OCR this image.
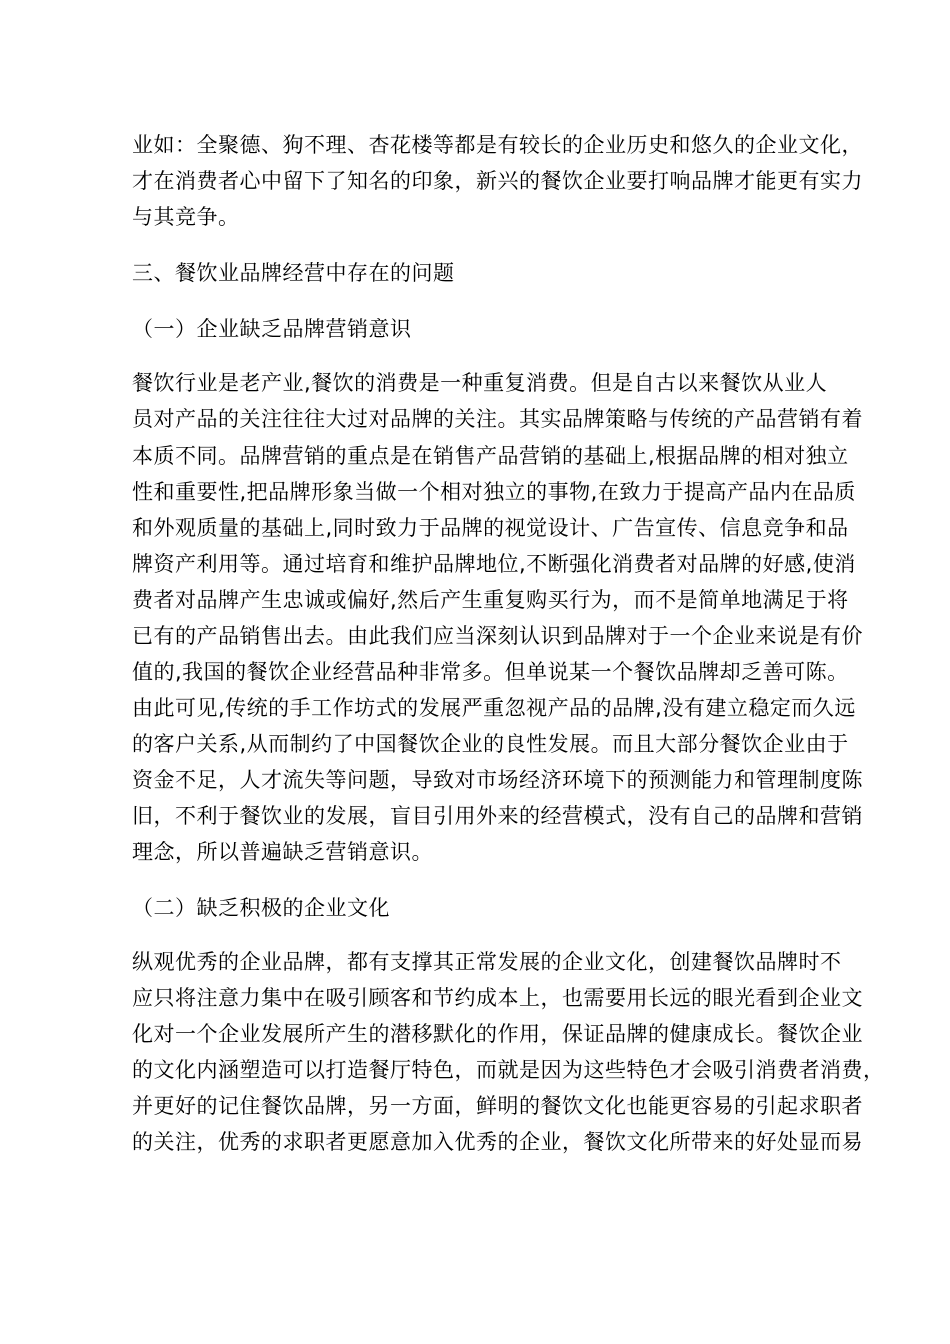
业如：全聚德、狗不理、杏花楼等都是有较长的企业历史和悠久的企业文化，
才在消费者心中留下了知名的印象，新兴的餐饮企业要打响品牌才能更有实力
与其竞争。
三、餐饮业品牌经营中存在的问题
（一）企业缺乏品牌营销意识
餐饮行业是老产业,餐饮的消费是一种重复消费。但是自古以来餐饮从业人
员对产品的关注往往大过对品牌的关注。其实品牌策略与传统的产品营销有着
本质不同。品牌营销的重点是在销售产品营销的基础上,根据品牌的相对独立
性和重要性,把品牌形象当做一个相对独立的事物,在致力于提高产品内在品质
和外观质量的基础上,同时致力于品牌的视觉设计、广告宣传、信息竞争和品
牌资产利用等。通过培育和维护品牌地位,不断强化消费者对品牌的好感,使消
费者对品牌产生忠诚或偏好,然后产生重复购买行为，而不是简单地满足于将
已有的产品销售出去。由此我们应当深刻认识到品牌对于一个企业来说是有价
值的,我国的餐饮企业经营品种非常多。但单说某一个餐饮品牌却乏善可陈。
由此可见,传统的手工作坊式的发展严重忽视产品的品牌,没有建立稳定而久远
的客户关系,从而制约了中国餐饮企业的良性发展。而且大部分餐饮企业由于
资金不足，人才流失等问题，导致对市场经济环境下的预测能力和管理制度陈
旧，不利于餐饮业的发展，盲目引用外来的经营模式，没有自己的品牌和营销
理念，所以普遍缺乏营销意识。
（二）缺乏积极的企业文化
纵观优秀的企业品牌，都有支撑其正常发展的企业文化，创建餐饮品牌时不
应只将注意力集中在吸引顾客和节约成本上，也需要用长远的眼光看到企业文
化对一个企业发展所产生的潜移默化的作用，保证品牌的健康成长。餐饮企业
的文化内涵塑造可以打造餐厅特色，而就是因为这些特色才会吸引消费者消费，
并更好的记住餐饮品牌，另一方面，鲜明的餐饮文化也能更容易的引起求职者
的关注，优秀的求职者更愿意加入优秀的企业，餐饮文化所带来的好处显而易
